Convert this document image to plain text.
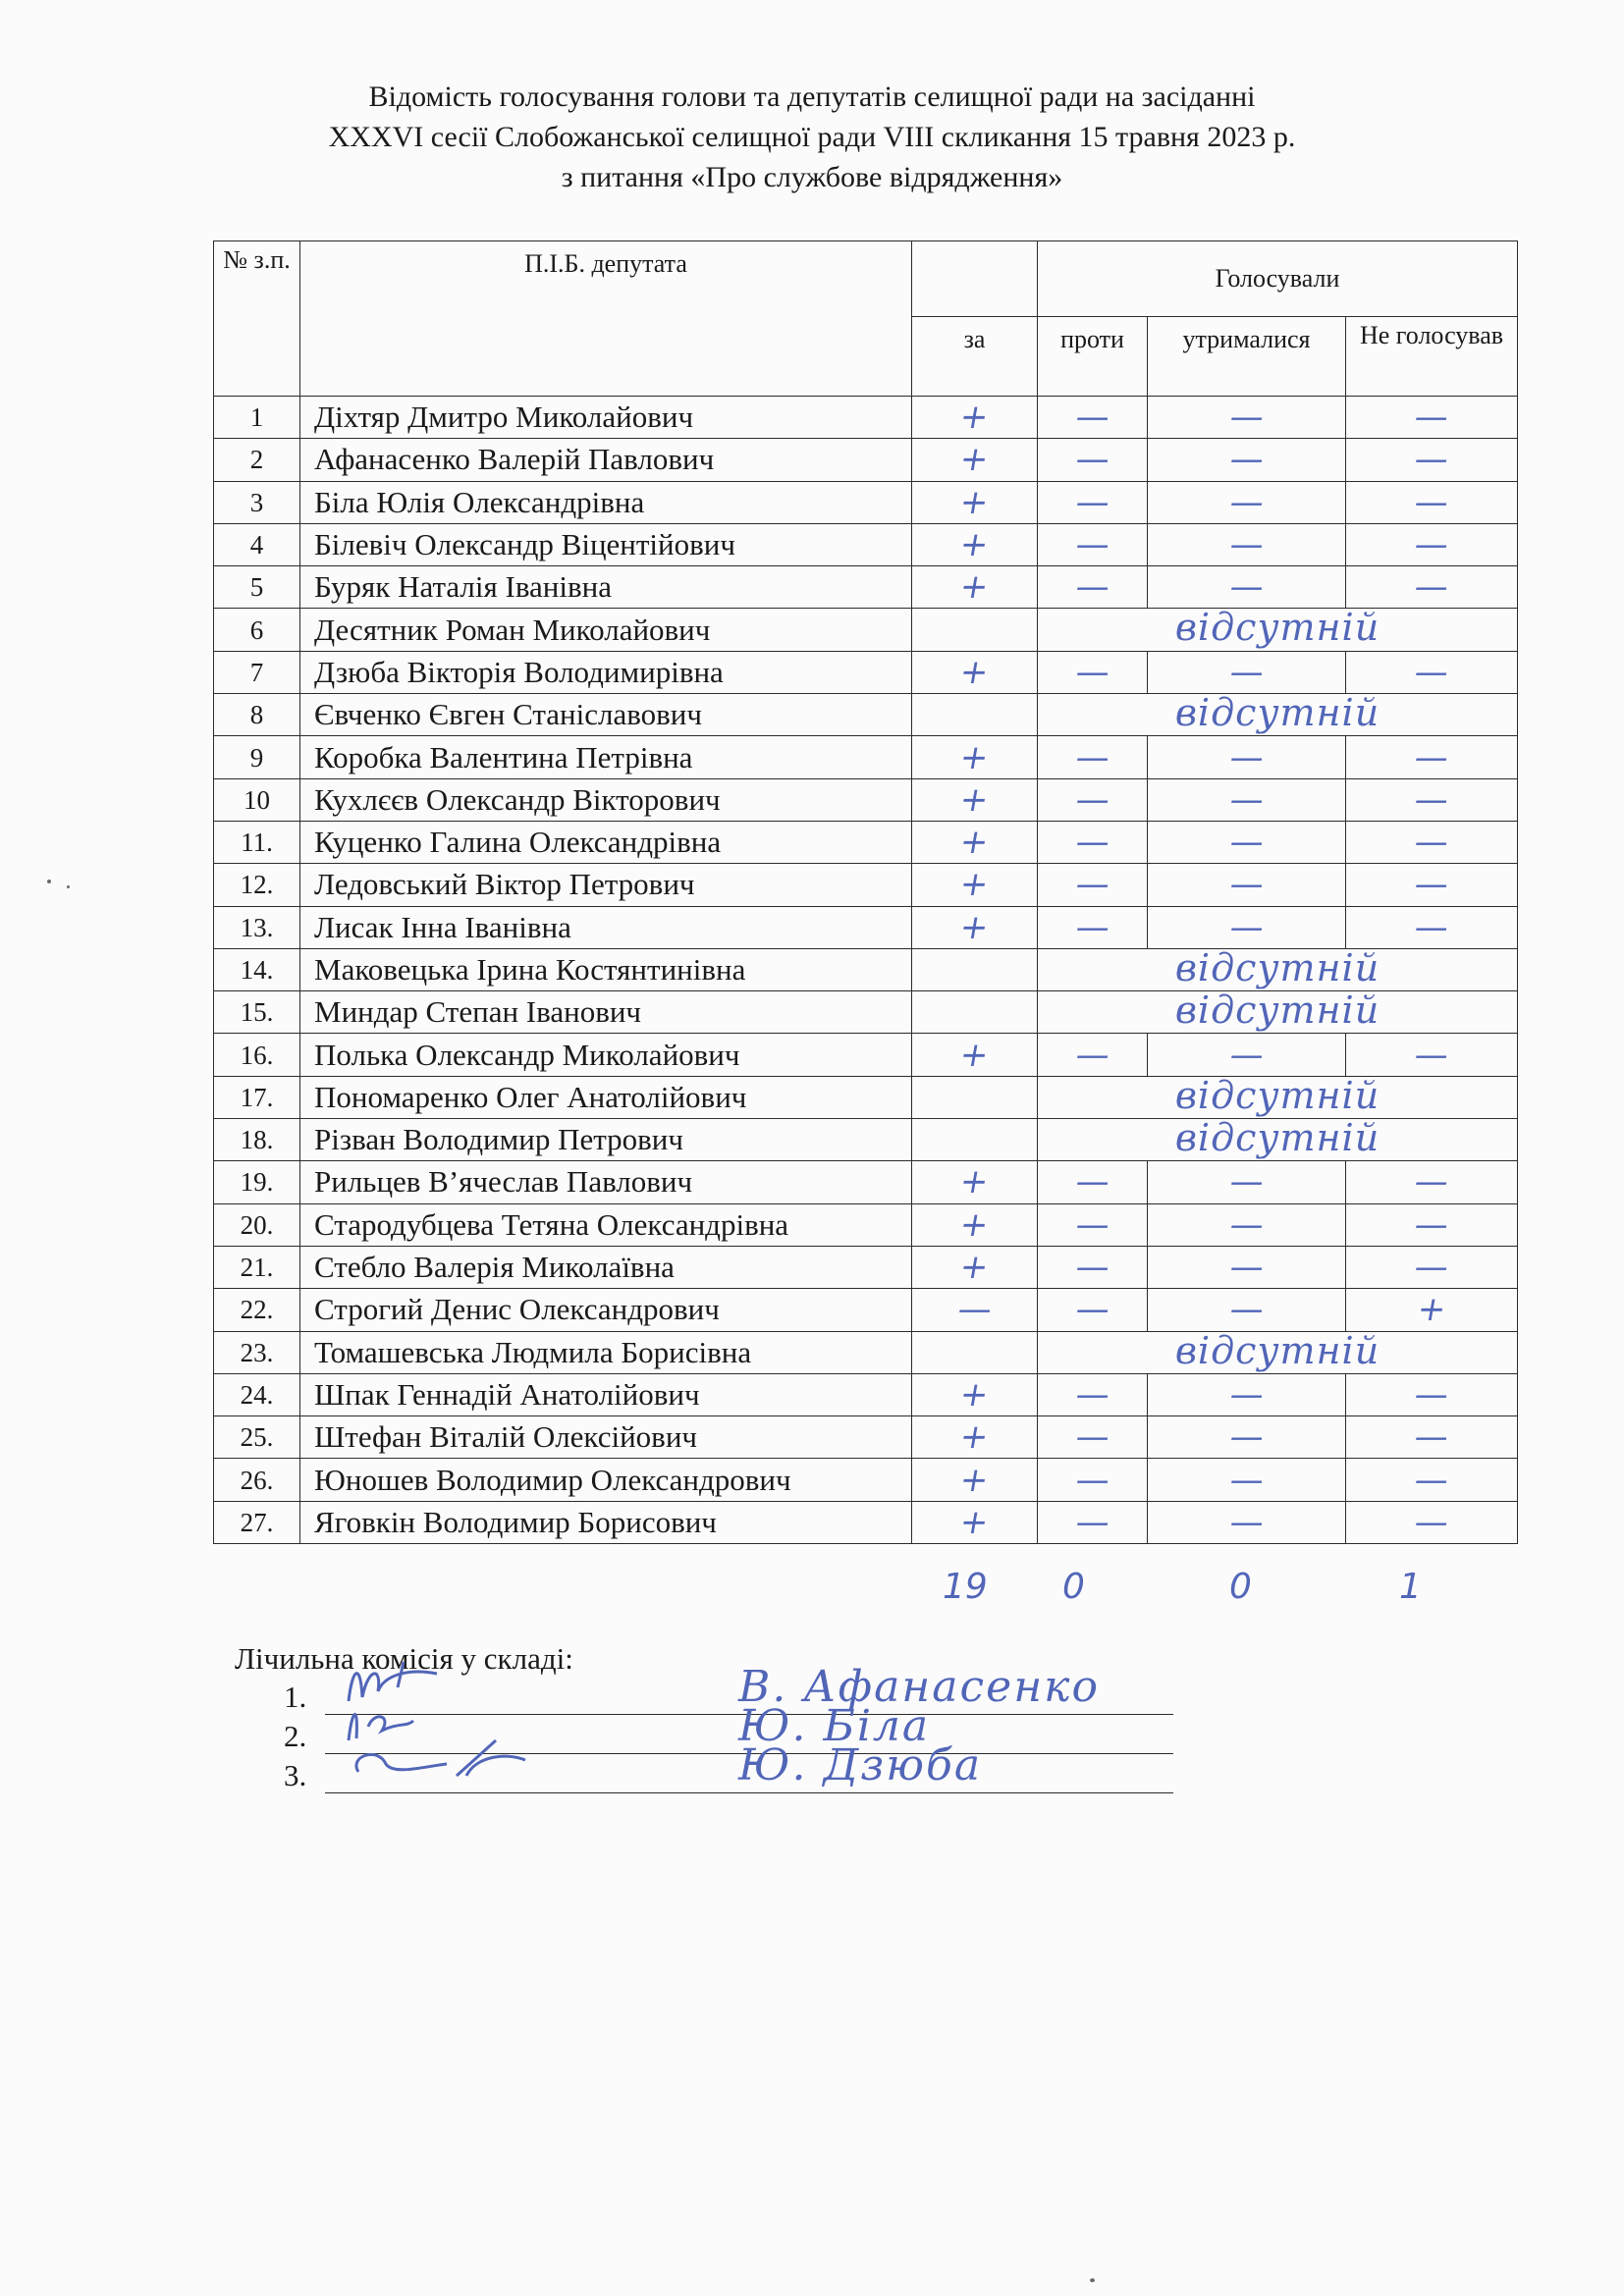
Відомість голосування голови та депутатів селищної ради на засіданні
XXXVI сесії Слобожанської селищної ради VIII скликання 15 травня 2023 р.
з питання «Про службове відрядження»
№ з.п.	П.І.Б. депутата		Голосували		
		за	проти	утрималися	Не голосував
1	Діхтяр Дмитро Миколайович	+	—	—	—
2	Афанасенко Валерій Павлович	+	—	—	—
3	Біла Юлія Олександрівна	+	—	—	—
4	Білевіч Олександр Віцентійович	+	—	—	—
5	Буряк Наталія Іванівна	+	—	—	—
6	Десятник Роман Миколайович		відсутній		

7	Дзюба Вікторія Володимирівна	+	—	—	—
8	Євченко Євген Станіславович		відсутній		

9	Коробка Валентина Петрівна	+	—	—	—
10	Кухлєєв Олександр Вікторович	+	—	—	—
11.	Куценко Галина Олександрівна	+	—	—	—
12.	Ледовський Віктор Петрович	+	—	—	—
13.	Лисак Інна Іванівна	+	—	—	—
14.	Маковецька Ірина Костянтинівна		відсутній		

15.	Миндар Степан Іванович		відсутній		

16.	Полька Олександр Миколайович	+	—	—	—
17.	Пономаренко Олег Анатолійович		відсутній		

18.	Різван Володимир Петрович		відсутній		

19.	Рильцев В’ячеслав Павлович	+	—	—	—
20.	Стародубцева Тетяна Олександрівна	+	—	—	—
21.	Стебло Валерія Миколаївна	+	—	—	—
22.	Строгий Денис Олександрович	—	—	—	+
23.	Томашевська Людмила Борисівна		відсутній		

24.	Шпак Геннадій Анатолійович	+	—	—	—
25.	Штефан Віталій Олексійович	+	—	—	—
26.	Юношев Володимир Олександрович	+	—	—	—
27.	Яговкін Володимир Борисович	+	—	—	—
19 0	0	1
Лічильна комісія у складі:
1.	В. Афанасенко
2.	Ю. Біла
3.	Ю. Дзюба
